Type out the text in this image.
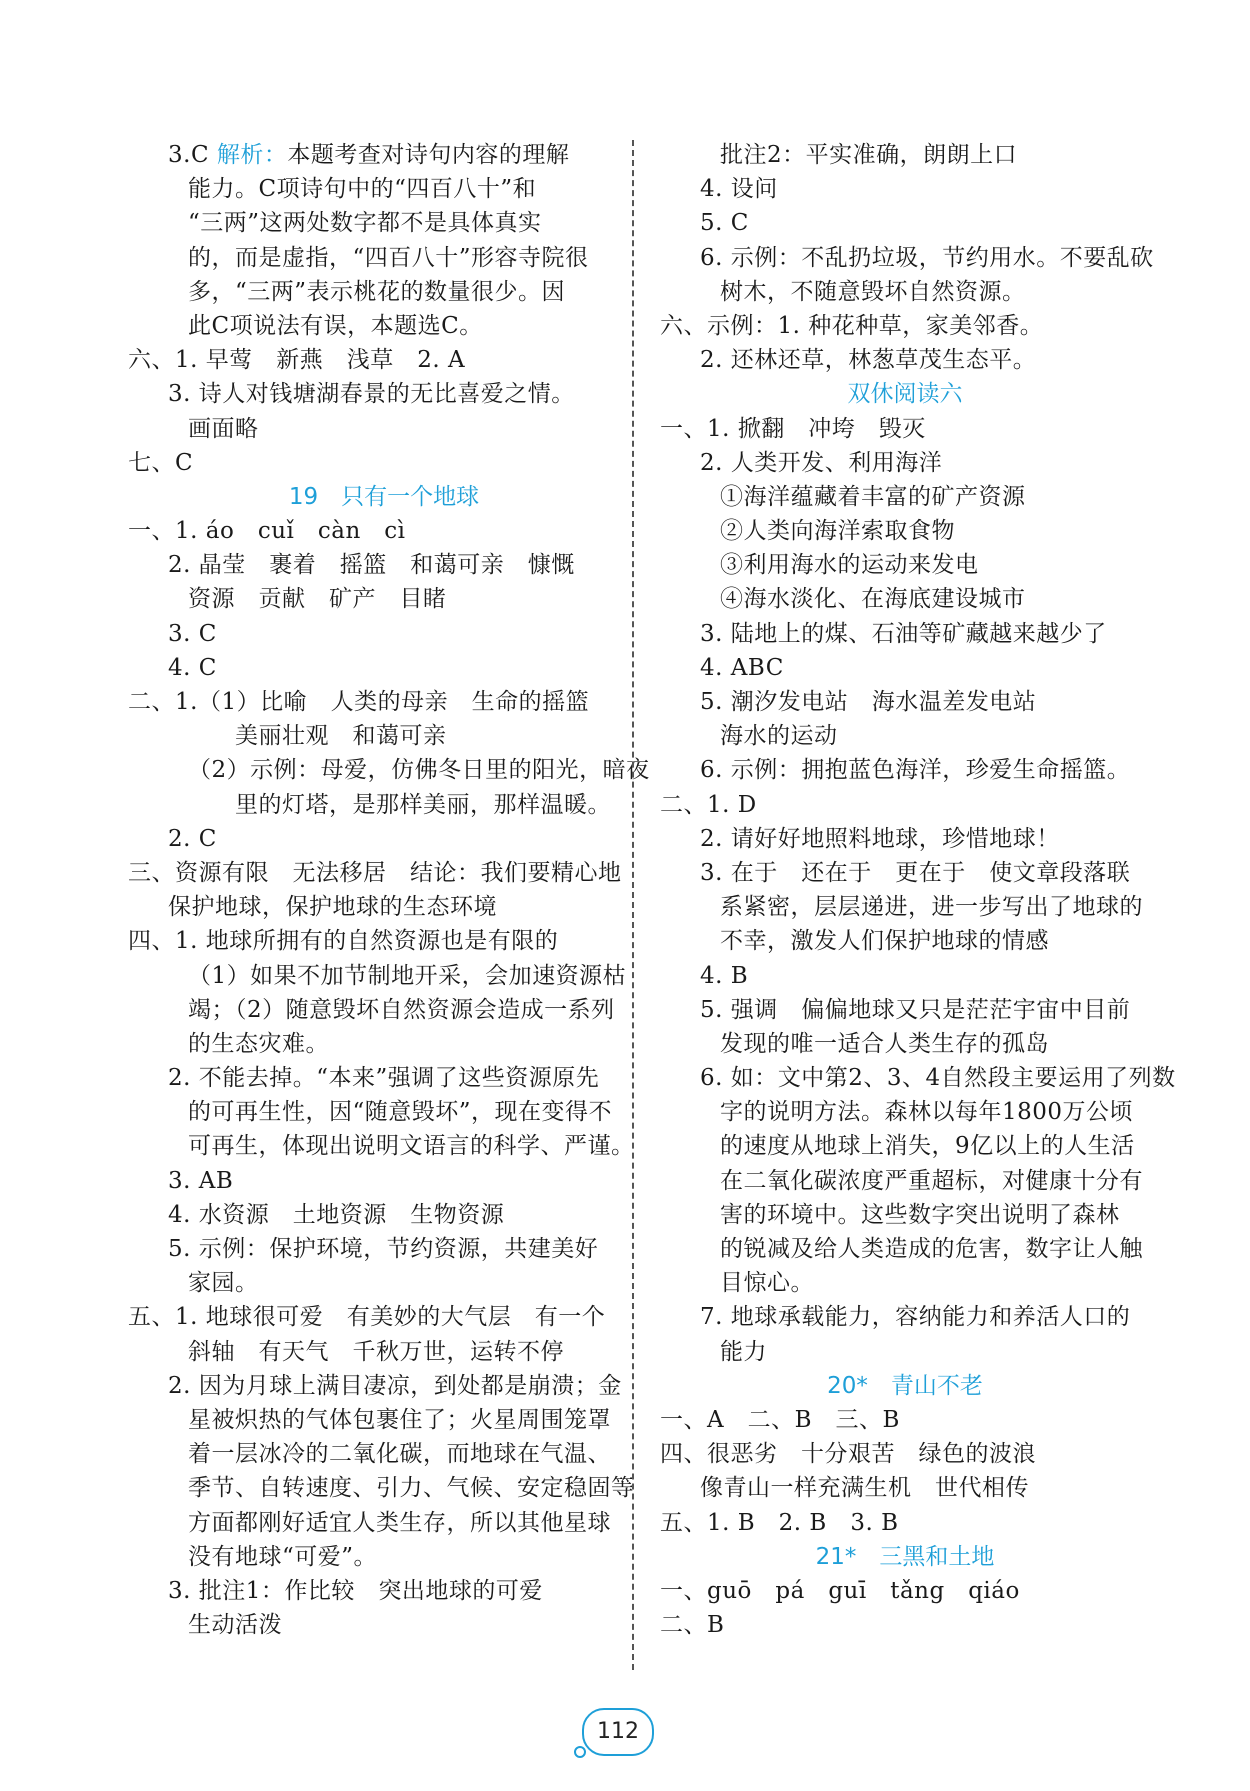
3.C 解析：本题考查对诗句内容的理解
能力。C项诗句中的“四百八十”和
“三两”这两处数字都不是具体真实
的，而是虚指，“四百八十”形容寺院很
多，“三两”表示桃花的数量很少。因
此C项说法有误，本题选C。
六、1. 早莺　新燕　浅草　2. A
3. 诗人对钱塘湖春景的无比喜爱之情。
画面略
七、C
19　只有一个地球
一、1. áo　cuǐ　càn　cì
2. 晶莹　裹着　摇篮　和蔼可亲　慷慨
资源　贡献　矿产　目睹
3. C
4. C
二、1.（1）比喻　人类的母亲　生命的摇篮
　　美丽壮观　和蔼可亲
（2）示例：母爱，仿佛冬日里的阳光，暗夜
　　里的灯塔，是那样美丽，那样温暖。
2. C
三、资源有限　无法移居　结论：我们要精心地
保护地球，保护地球的生态环境
四、1. 地球所拥有的自然资源也是有限的
（1）如果不加节制地开采，会加速资源枯
竭；（2）随意毁坏自然资源会造成一系列
的生态灾难。
2. 不能去掉。“本来”强调了这些资源原先
的可再生性，因“随意毁坏”，现在变得不
可再生，体现出说明文语言的科学、严谨。
3. AB
4. 水资源　土地资源　生物资源
5. 示例：保护环境，节约资源，共建美好
家园。
五、1. 地球很可爱　有美妙的大气层　有一个
斜轴　有天气　千秋万世，运转不停
2. 因为月球上满目凄凉，到处都是崩溃；金
星被炽热的气体包裹住了；火星周围笼罩
着一层冰冷的二氧化碳，而地球在气温、
季节、自转速度、引力、气候、安定稳固等
方面都刚好适宜人类生存，所以其他星球
没有地球“可爱”。
3. 批注1：作比较　突出地球的可爱
生动活泼
批注2：平实准确，朗朗上口
4. 设问
5. C
6. 示例：不乱扔垃圾，节约用水。不要乱砍
树木，不随意毁坏自然资源。
六、示例：1. 种花种草，家美邻香。
2. 还林还草，林葱草茂生态平。
双休阅读六
一、1. 掀翻　冲垮　毁灭
2. 人类开发、利用海洋
①海洋蕴藏着丰富的矿产资源
②人类向海洋索取食物
③利用海水的运动来发电
④海水淡化、在海底建设城市
3. 陆地上的煤、石油等矿藏越来越少了
4. ABC
5. 潮汐发电站　海水温差发电站
海水的运动
6. 示例：拥抱蓝色海洋，珍爱生命摇篮。
二、1. D
2. 请好好地照料地球，珍惜地球！
3. 在于　还在于　更在于　使文章段落联
系紧密，层层递进，进一步写出了地球的
不幸，激发人们保护地球的情感
4. B
5. 强调　偏偏地球又只是茫茫宇宙中目前
发现的唯一适合人类生存的孤岛
6. 如：文中第2、3、4自然段主要运用了列数
字的说明方法。森林以每年1800万公顷
的速度从地球上消失，9亿以上的人生活
在二氧化碳浓度严重超标，对健康十分有
害的环境中。这些数字突出说明了森林
的锐减及给人类造成的危害，数字让人触
目惊心。
7. 地球承载能力，容纳能力和养活人口的
能力
20*　青山不老
一、A　二、B　三、B
四、很恶劣　十分艰苦　绿色的波浪
像青山一样充满生机　世代相传
五、1. B　2. B　3. B
21*　三黑和土地
一、guō　pá　guī　tǎng　qiáo
二、B
112
